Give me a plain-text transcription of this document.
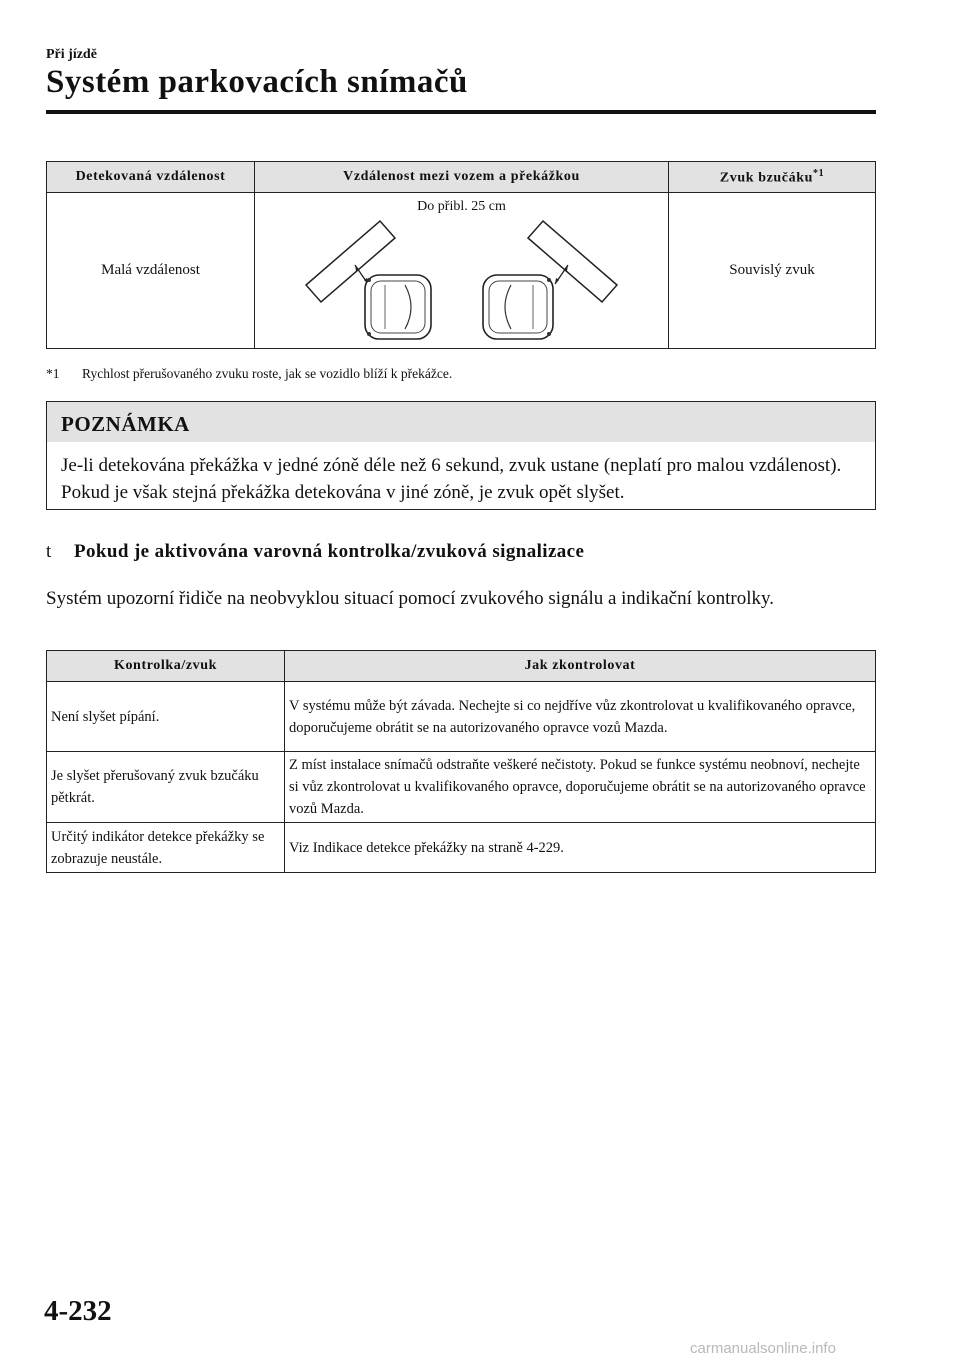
Při jízdě
Systém parkovacích snímačů
Detekovaná vzdálenost	Vzdálenost mezi vozem a překážkou	Zvuk bzučáku$^{*1}$
Malá vzdálenost	Do přibl. 25 cm	Souvislý zvuk
*1 Rychlost přerušovaného zvuku roste, jak se vozidlo blíží k překážce.
POZNÁMKA
Je-li detekována překážka v jedné zóně déle než 6 sekund, zvuk ustane (neplatí pro malou vzdálenost). Pokud je však stejná překážka detekována v jiné zóně, je zvuk opět slyšet.
t Pokud je aktivována varovná kontrolka/zvuková signalizace
Systém upozorní řidiče na neobvyklou situací pomocí zvukového signálu a indikační kontrolky.
Kontrolka/zvuk	Jak zkontrolovat
Není slyšet pípání.	V systému může být závada. Nechejte si co nejdříve vůz zkontrolovat u kvalifikovaného opravce, doporučujeme obrátit se na autorizovaného opravce vozů Mazda.
Je slyšet přerušovaný zvuk bzučáku pětkrát.	Z míst instalace snímačů odstraňte veškeré nečistoty. Pokud se funkce systému neobnoví, nechejte si vůz zkontrolovat u kvalifikovaného opravce, doporučujeme obrátit se na autorizovaného opravce vozů Mazda.
Určitý indikátor detekce překážky se zobrazuje neustále.	Viz Indikace detekce překážky na straně 4-229.
4-232
carmanualsonline.info
